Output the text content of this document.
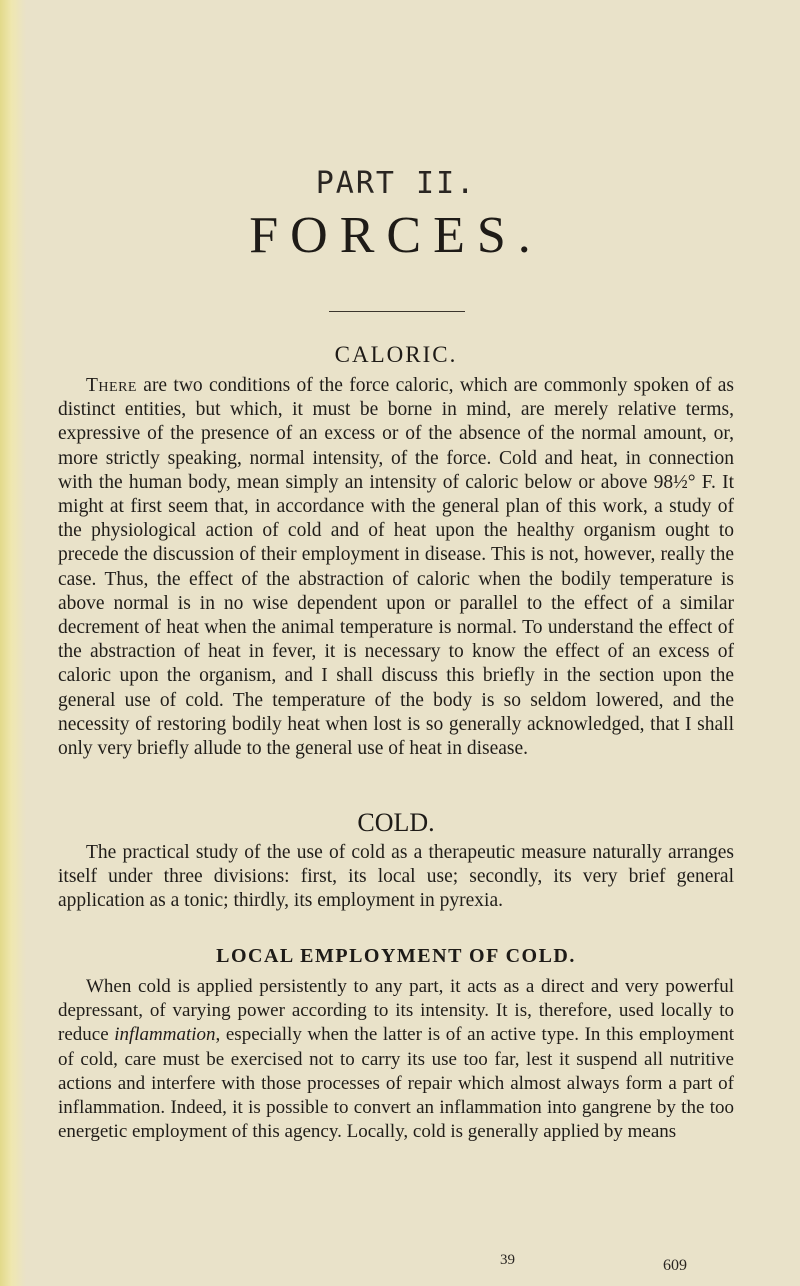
PART II.
FORCES.
CALORIC.

There are two conditions of the force caloric, which are commonly spoken of as distinct entities, but which, it must be borne in mind, are merely relative terms, expressive of the presence of an excess or of the absence of the normal amount, or, more strictly speaking, normal intensity, of the force. Cold and heat, in connection with the human body, mean simply an intensity of caloric below or above 98½° F. It might at first seem that, in accordance with the general plan of this work, a study of the physiological action of cold and of heat upon the healthy organism ought to precede the discussion of their employment in disease. This is not, however, really the case. Thus, the effect of the abstraction of caloric when the bodily temperature is above normal is in no wise dependent upon or parallel to the effect of a similar decrement of heat when the animal temperature is normal. To understand the effect of the abstraction of heat in fever, it is necessary to know the effect of an excess of caloric upon the organism, and I shall discuss this briefly in the section upon the general use of cold. The temperature of the body is so seldom lowered, and the necessity of restoring bodily heat when lost is so generally acknowledged, that I shall only very briefly allude to the general use of heat in disease.

COLD.

The practical study of the use of cold as a therapeutic measure naturally arranges itself under three divisions: first, its local use; secondly, its very brief general application as a tonic; thirdly, its employment in pyrexia.

LOCAL EMPLOYMENT OF COLD.

When cold is applied persistently to any part, it acts as a direct and very powerful depressant, of varying power according to its intensity. It is, therefore, used locally to reduce inflammation, especially when the latter is of an active type. In this employment of cold, care must be exercised not to carry its use too far, lest it suspend all nutritive actions and interfere with those processes of repair which almost always form a part of inflammation. Indeed, it is possible to convert an inflammation into gangrene by the too energetic employment of this agency. Locally, cold is generally applied by means

39	609
